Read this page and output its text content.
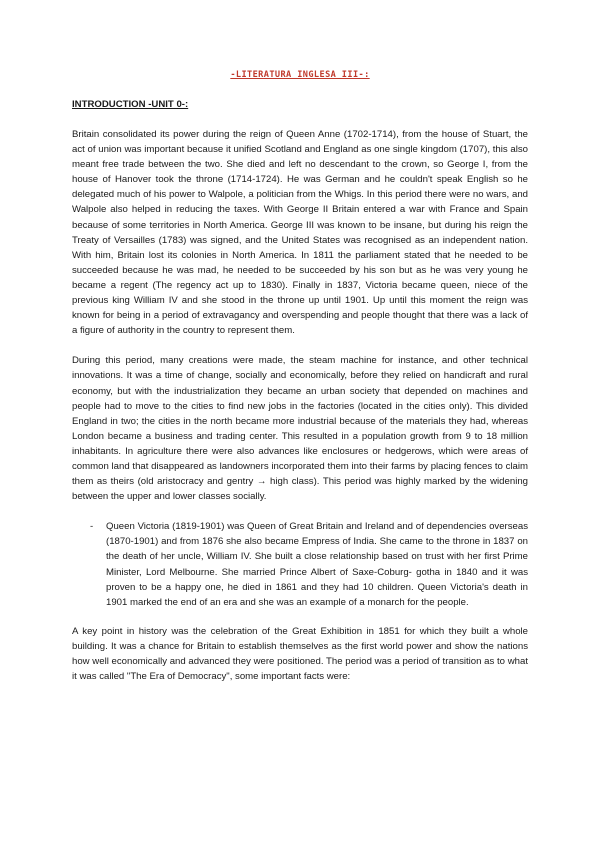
-LITERATURA INGLESA III-:
INTRODUCTION -UNIT 0-:

Britain consolidated its power during the reign of Queen Anne (1702-1714), from the house of Stuart, the act of union was important because it unified Scotland and England as one single kingdom (1707), this also meant free trade between the two. She died and left no descendant to the crown, so George I, from the house of Hanover took the throne (1714-1724). He was German and he couldn't speak English so he delegated much of his power to Walpole, a politician from the Whigs. In this period there were no wars, and Walpole also helped in reducing the taxes. With George II Britain entered a war with France and Spain because of some territories in North America. George III was known to be insane, but during his reign the Treaty of Versailles (1783) was signed, and the United States was recognised as an independent nation. With him, Britain lost its colonies in North America. In 1811 the parliament stated that he needed to be succeeded because he was mad, he needed to be succeeded by his son but as he was very young he became a regent (The regency act up to 1830). Finally in 1837, Victoria became queen, niece of the previous king William IV and she stood in the throne up until 1901. Up until this moment the reign was known for being in a period of extravagancy and overspending and people thought that there was a lack of a figure of authority in the country to represent them.

During this period, many creations were made, the steam machine for instance, and other technical innovations. It was a time of change, socially and economically, before they relied on handicraft and rural economy, but with the industrialization they became an urban society that depended on machines and people had to move to the cities to find new jobs in the factories (located in the cities only). This divided England in two; the cities in the north became more industrial because of the materials they had, whereas London became a business and trading center. This resulted in a population growth from 9 to 18 million inhabitants. In agriculture there were also advances like enclosures or hedgerows, which were areas of common land that disappeared as landowners incorporated them into their farms by placing fences to claim them as theirs (old aristocracy and gentry → high class). This period was highly marked by the widening between the upper and lower classes socially.

- Queen Victoria (1819-1901) was Queen of Great Britain and Ireland and of dependencies overseas (1870-1901) and from 1876 she also became Empress of India. She came to the throne in 1837 on the death of her uncle, William IV. She built a close relationship based on trust with her first Prime Minister, Lord Melbourne. She married Prince Albert of Saxe-Coburg- gotha in 1840 and it was proven to be a happy one, he died in 1861 and they had 10 children. Queen Victoria's death in 1901 marked the end of an era and she was an example of a monarch for the people.

A key point in history was the celebration of the Great Exhibition in 1851 for which they built a whole building. It was a chance for Britain to establish themselves as the first world power and show the nations how well economically and advanced they were positioned. The period was a period of transition as to what it was called "The Era of Democracy", some important facts were:
